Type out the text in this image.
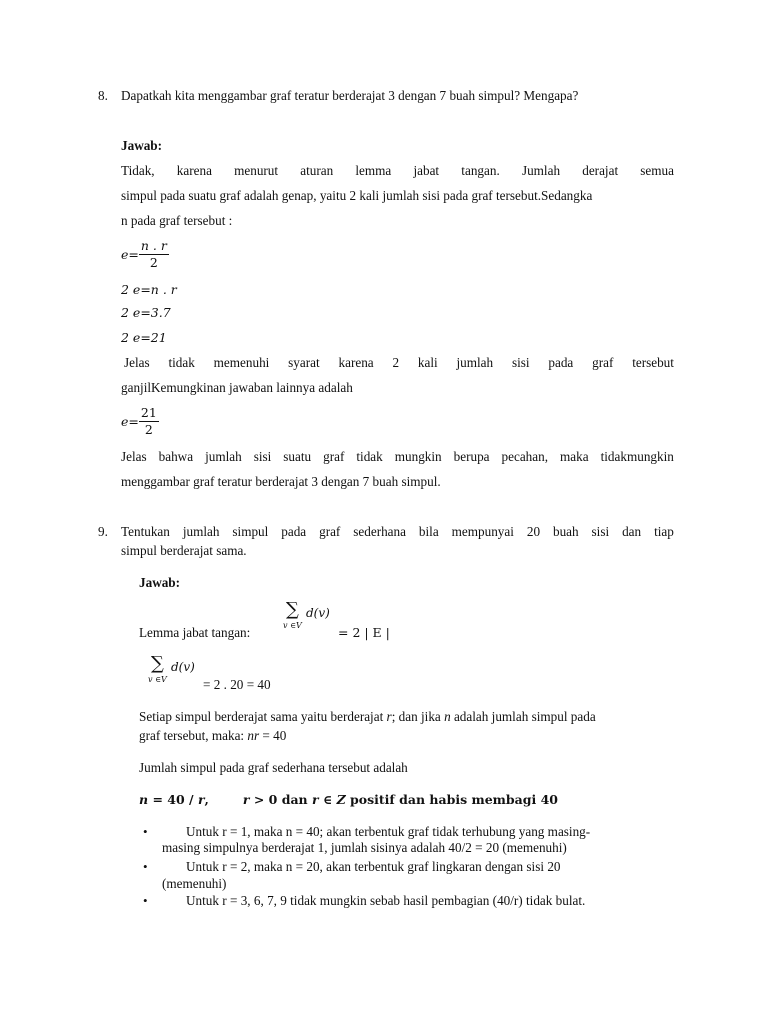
8. Dapatkah kita menggambar graf teratur berderajat 3 dengan 7 buah simpul? Mengapa?
Jawab:
Tidak, karena menurut aturan lemma jabat tangan. Jumlah derajat semua
simpul pada suatu graf adalah genap, yaitu 2 kali jumlah sisi pada graf tersebut.Sedangka
n pada graf tersebut :
$e= \frac{n . r}{2}$
2 e=n . r
2 e=3.7
2 e=21
Jelas tidak memenuhi syarat karena 2 kali jumlah sisi pada graf tersebut
ganjilKemungkinan jawaban lainnya adalah
$e= \frac{21}{2}$
Jelas bahwa jumlah sisi suatu graf tidak mungkin berupa pecahan, maka tidakmungkin
menggambar graf teratur berderajat 3 dengan 7 buah simpul.
9. Tentukan jumlah simpul pada graf sederhana bila mempunyai 20 buah sisi dan tiap
simpul berderajat sama.
Jawab:
Lemma jabat tangan:
∑
v ∈V
d(v)
= 2 | E |
∑
v ∈V
d(v)
= 2 . 20 = 40
Setiap simpul berderajat sama yaitu berderajat r; dan jika n adalah jumlah simpul pada
graf tersebut, maka: nr = 40
Jumlah simpul pada graf sederhana tersebut adalah
n = 40 / r,	r > 0 dan r ∈ Z positif dan habis membagi 40
•	Untuk r = 1, maka n = 40; akan terbentuk graf tidak terhubung yang masing-
masing simpulnya berderajat 1, jumlah sisinya adalah 40/2 = 20 (memenuhi)
•	Untuk r = 2, maka n = 20, akan terbentuk graf lingkaran dengan sisi 20
(memenuhi)
•	Untuk r = 3, 6, 7, 9 tidak mungkin sebab hasil pembagian (40/r) tidak bulat.
